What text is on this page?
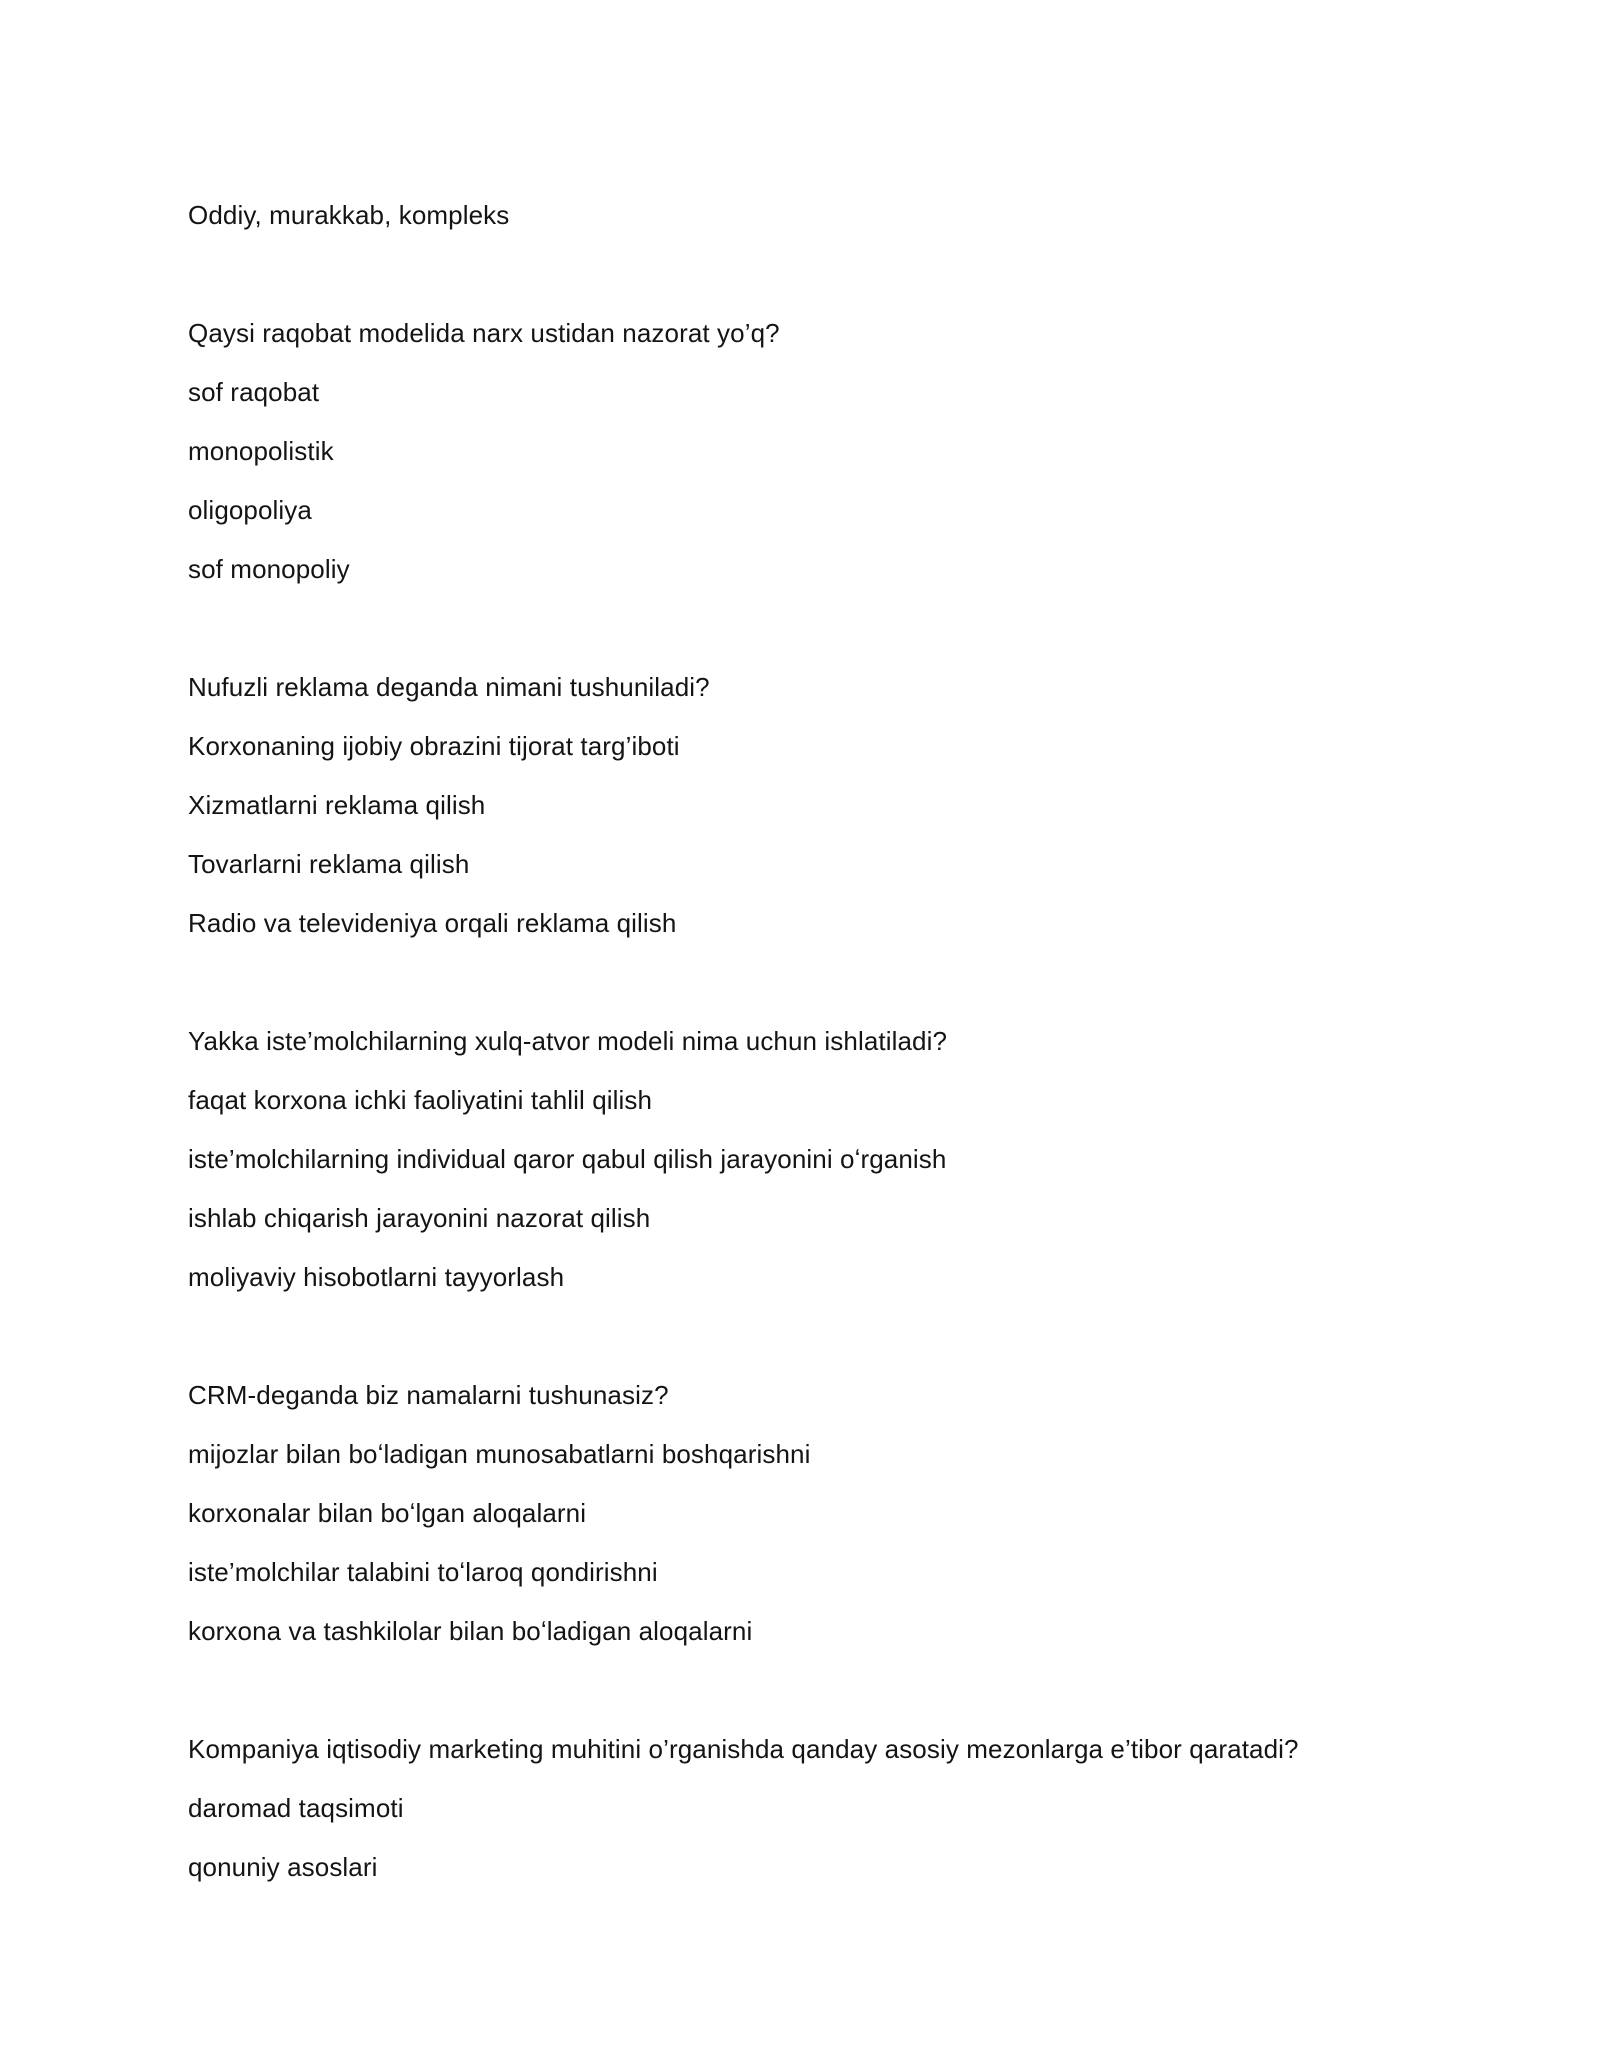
Oddiy, murakkab, kompleks
Qaysi raqobat modelida narx ustidan nazorat yo’q?
sof raqobat
monopolistik
oligopoliya
sof monopoliy
Nufuzli reklama deganda nimani tushuniladi?
Korxonaning ijobiy obrazini tijorat targ’iboti
Xizmatlarni reklama qilish
Tovarlarni reklama qilish
Radio va televideniya orqali reklama qilish
Yakka iste’molchilarning xulq-atvor modeli nima uchun ishlatiladi?
faqat korxona ichki faoliyatini tahlil qilish
iste’molchilarning individual qaror qabul qilish jarayonini oʻrganish
ishlab chiqarish jarayonini nazorat qilish
moliyaviy hisobotlarni tayyorlash
CRM-deganda biz namalarni tushunasiz?
mijozlar bilan boʻladigan munosabatlarni boshqarishni
korxonalar bilan boʻlgan aloqalarni
iste’molchilar talabini toʻlaroq qondirishni
korxona va tashkilolar bilan boʻladigan aloqalarni
Kompaniya iqtisodiy marketing muhitini o’rganishda qanday asosiy mezonlarga e’tibor qaratadi?
daromad taqsimoti
qonuniy asoslari
